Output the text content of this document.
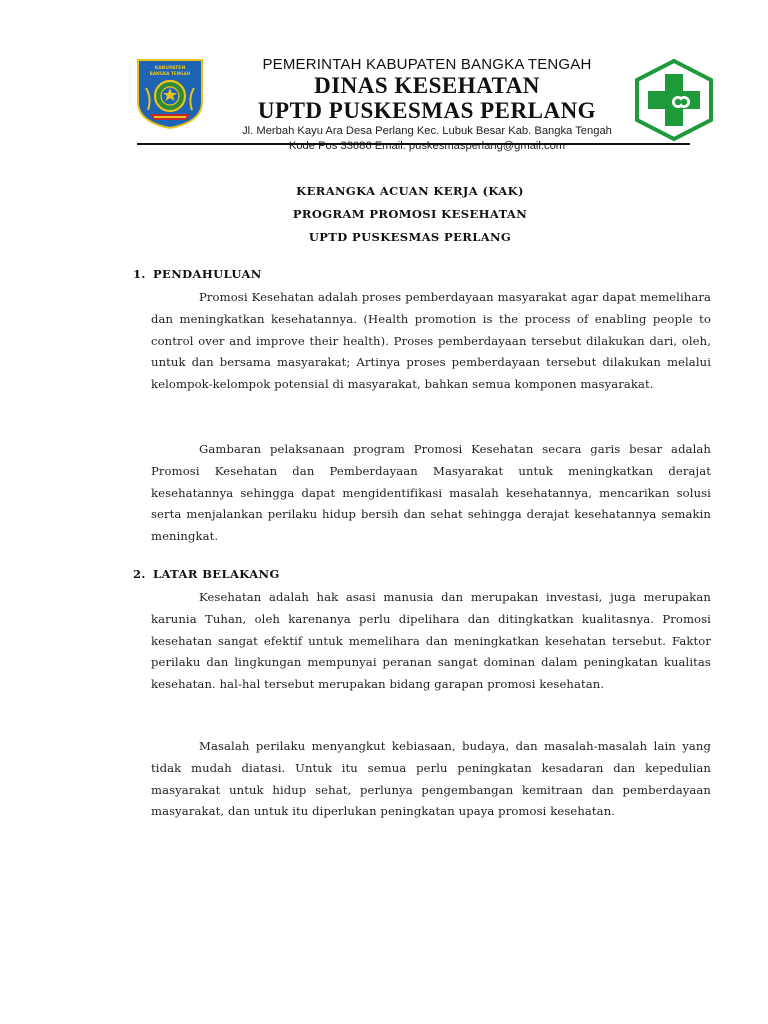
KABUPATEN
BANGKA TENGAH
PEMERINTAH KABUPATEN BANGKA TENGAH
DINAS KESEHATAN
UPTD PUSKESMAS PERLANG
Jl. Merbah Kayu Ara Desa Perlang Kec. Lubuk Besar Kab. Bangka Tengah
Kode Pos 33686 Email: puskesmasperlang@gmail.com
KERANGKA ACUAN KERJA (KAK)
PROGRAM PROMOSI KESEHATAN
UPTD PUSKESMAS PERLANG
1. PENDAHULUAN

Promosi Kesehatan adalah proses pemberdayaan masyarakat agar dapat memelihara dan meningkatkan kesehatannya. (Health promotion is the process of enabling people to control over and improve their health). Proses pemberdayaan tersebut dilakukan dari, oleh, untuk dan bersama masyarakat; Artinya proses pemberdayaan tersebut dilakukan melalui kelompok-kelompok potensial di masyarakat, bahkan semua komponen masyarakat.

Gambaran pelaksanaan program Promosi Kesehatan secara garis besar adalah Promosi Kesehatan dan Pemberdayaan Masyarakat untuk meningkatkan derajat kesehatannya sehingga dapat mengidentifikasi masalah kesehatannya, mencarikan solusi serta menjalankan perilaku hidup bersih dan sehat sehingga derajat kesehatannya semakin meningkat.

2. LATAR BELAKANG

Kesehatan adalah hak asasi manusia dan merupakan investasi, juga merupakan karunia Tuhan, oleh karenanya perlu dipelihara dan ditingkatkan kualitasnya. Promosi kesehatan sangat efektif untuk memelihara dan meningkatkan kesehatan tersebut. Faktor perilaku dan lingkungan mempunyai peranan sangat dominan dalam peningkatan kualitas kesehatan. hal-hal tersebut merupakan bidang garapan promosi kesehatan.

Masalah perilaku menyangkut kebiasaan, budaya, dan masalah-masalah lain yang tidak mudah diatasi. Untuk itu semua perlu peningkatan kesadaran dan kepedulian masyarakat untuk hidup sehat, perlunya pengembangan kemitraan dan pemberdayaan masyarakat, dan untuk itu diperlukan peningkatan upaya promosi kesehatan.
